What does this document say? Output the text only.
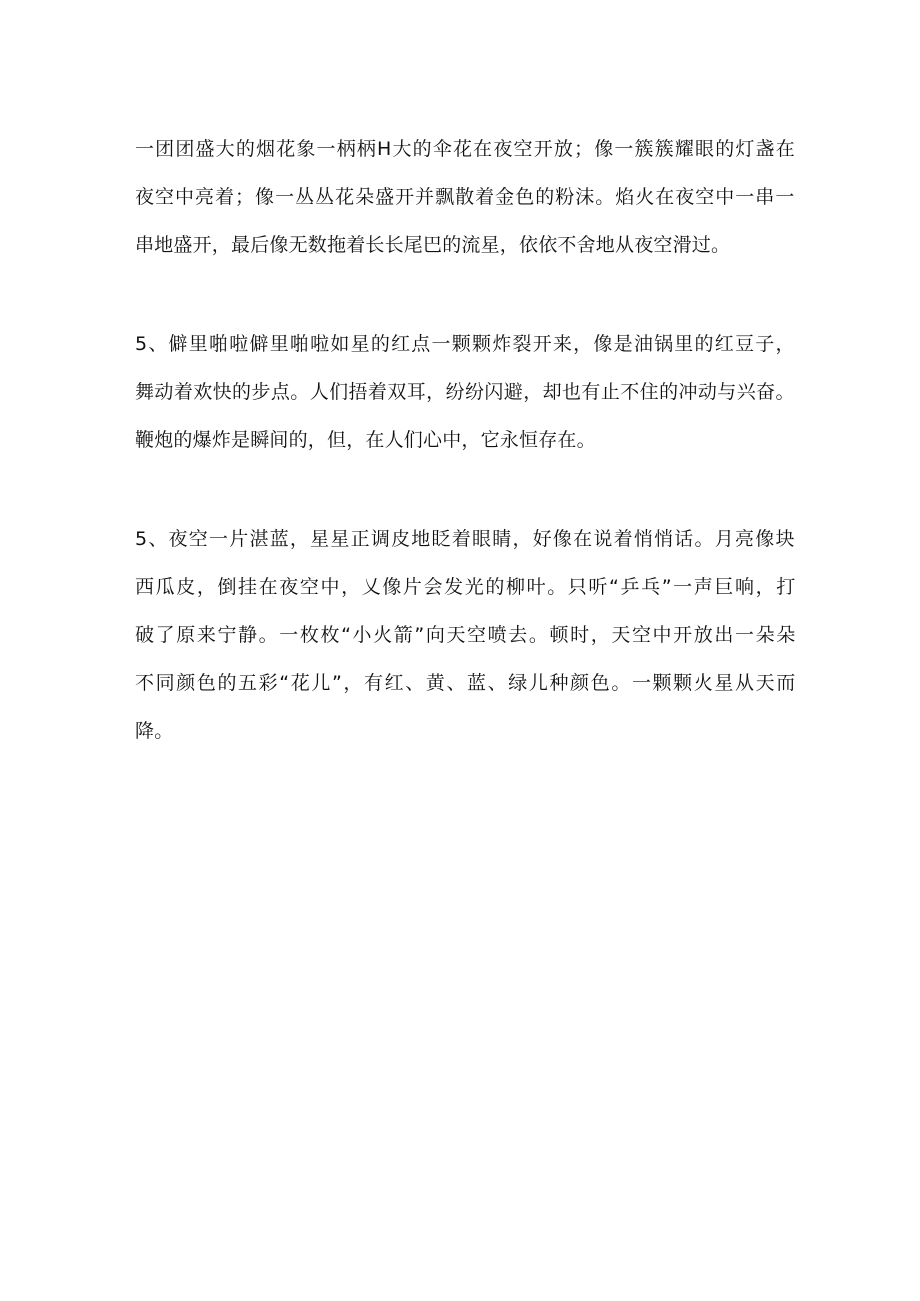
一团团盛大的烟花象一柄柄H大的伞花在夜空开放；像一簇簇耀眼的灯盏在
夜空中亮着；像一丛丛花朵盛开并飘散着金色的粉沫。焰火在夜空中一串一
串地盛开，最后像无数拖着长长尾巴的流星，依依不舍地从夜空滑过。
5、僻里啪啦僻里啪啦如星的红点一颗颗炸裂开来，像是油锅里的红豆子，
舞动着欢快的步点。人们捂着双耳，纷纷闪避，却也有止不住的冲动与兴奋。
鞭炮的爆炸是瞬间的，但，在人们心中，它永恒存在。
5、夜空一片湛蓝，星星正调皮地眨着眼睛，好像在说着悄悄话。月亮像块
西瓜皮，倒挂在夜空中，乂像片会发光的柳叶。只听“乒乓”一声巨响，打
破了原来宁静。一枚枚“小火箭”向天空喷去。顿时，天空中开放出一朵朵
不同颜色的五彩“花儿”，有红、黄、蓝、绿儿种颜色。一颗颗火星从天而
降。
